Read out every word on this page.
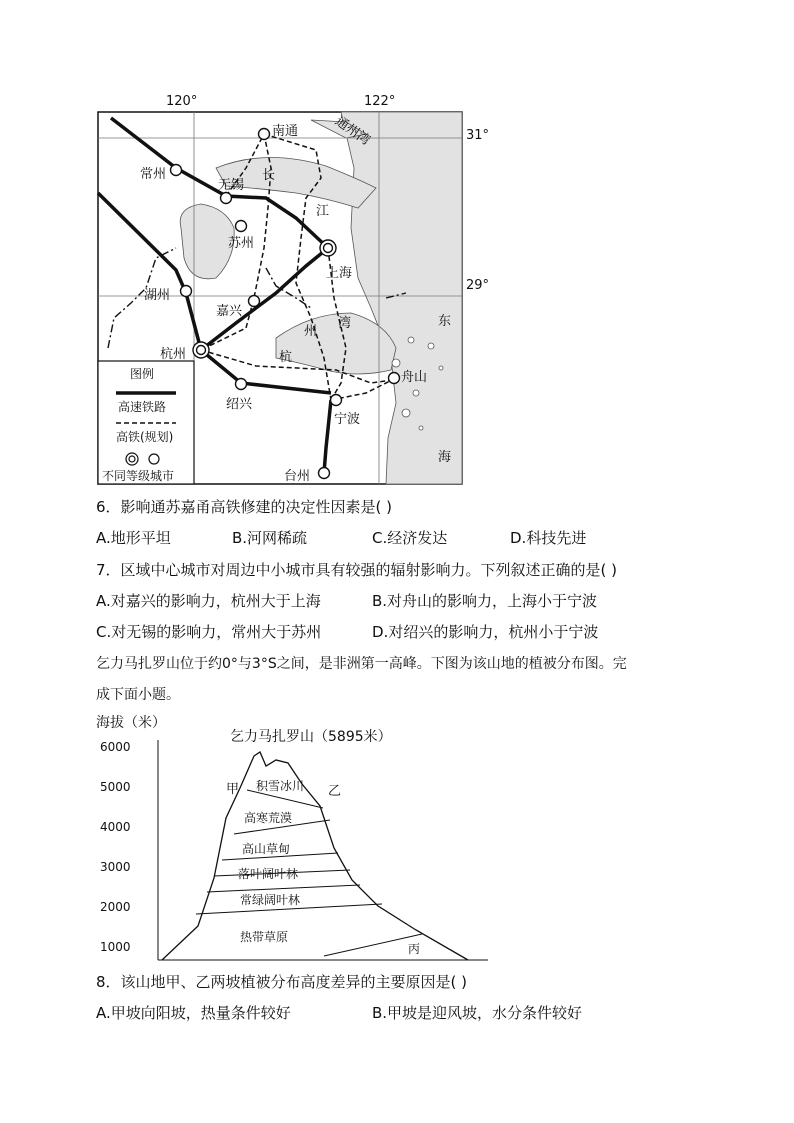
120°	122°
31°
29°
南通
常州
无锡
苏州
上海
湖州
嘉兴
杭州
绍兴
宁波
舟山
台州
通州湾
长
江
杭
州
湾	东
海
图例
高速铁路
高铁(规划)
不同等级城市
6．影响通苏嘉甬高铁修建的决定性因素是( )
A.地形平坦	B.河网稀疏	C.经济发达	D.科技先进
7．区域中心城市对周边中小城市具有较强的辐射影响力。下列叙述正确的是( )
A.对嘉兴的影响力，杭州大于上海	B.对舟山的影响力，上海小于宁波
C.对无锡的影响力，常州大于苏州	D.对绍兴的影响力，杭州小于宁波
乞力马扎罗山位于约0°与3°S之间，是非洲第一高峰。下图为该山地的植被分布图。完
成下面小题。
海拔（米）
乞力马扎罗山（5895米）
6000
5000
4000
3000
2000
1000
甲	乙
积雪冰川
高寒荒漠
高山草甸
落叶阔叶林
常绿阔叶林
热带草原
丙
8．该山地甲、乙两坡植被分布高度差异的主要原因是( )
A.甲坡向阳坡，热量条件较好	B.甲坡是迎风坡，水分条件较好
